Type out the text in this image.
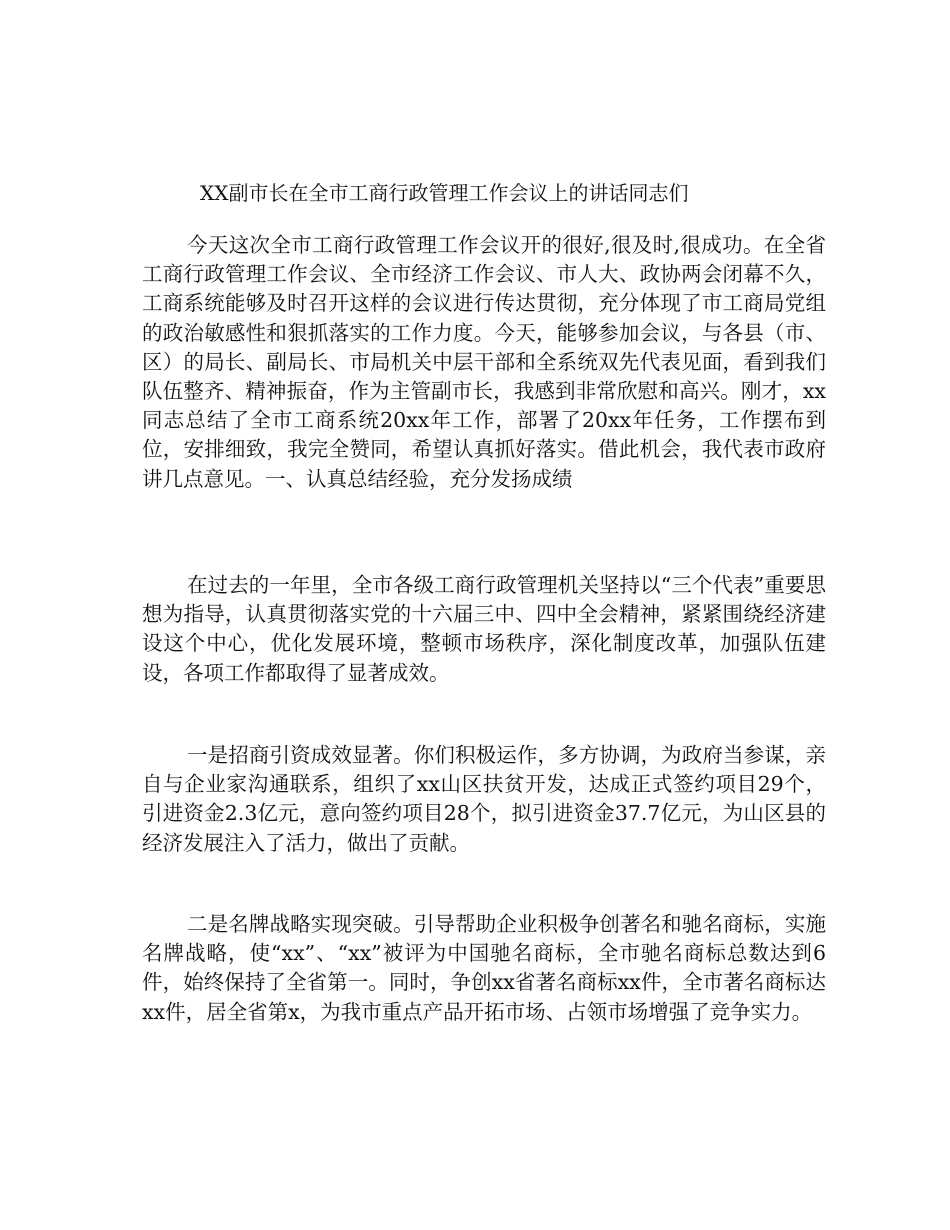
XX副市长在全市工商行政管理工作会议上的讲话同志们

今天这次全市工商行政管理工作会议开的很好,很及时,很成功。在全省工商行政管理工作会议、全市经济工作会议、市人大、政协两会闭幕不久，工商系统能够及时召开这样的会议进行传达贯彻，充分体现了市工商局党组的政治敏感性和狠抓落实的工作力度。今天，能够参加会议，与各县（市、区）的局长、副局长、市局机关中层干部和全系统双先代表见面，看到我们队伍整齐、精神振奋，作为主管副市长，我感到非常欣慰和高兴。刚才，xx同志总结了全市工商系统20xx年工作，部署了20xx年任务，工作摆布到位，安排细致，我完全赞同，希望认真抓好落实。借此机会，我代表市政府讲几点意见。一、认真总结经验，充分发扬成绩

在过去的一年里，全市各级工商行政管理机关坚持以“三个代表”重要思想为指导，认真贯彻落实党的十六届三中、四中全会精神，紧紧围绕经济建设这个中心，优化发展环境，整顿市场秩序，深化制度改革，加强队伍建设，各项工作都取得了显著成效。

一是招商引资成效显著。你们积极运作，多方协调，为政府当参谋，亲自与企业家沟通联系，组织了xx山区扶贫开发，达成正式签约项目29个，引进资金2.3亿元，意向签约项目28个，拟引进资金37.7亿元，为山区县的经济发展注入了活力，做出了贡献。

二是名牌战略实现突破。引导帮助企业积极争创著名和驰名商标，实施名牌战略，使“xx”、“xx”被评为中国驰名商标，全市驰名商标总数达到6件，始终保持了全省第一。同时，争创xx省著名商标xx件，全市著名商标达xx件，居全省第x，为我市重点产品开拓市场、占领市场增强了竞争实力。
